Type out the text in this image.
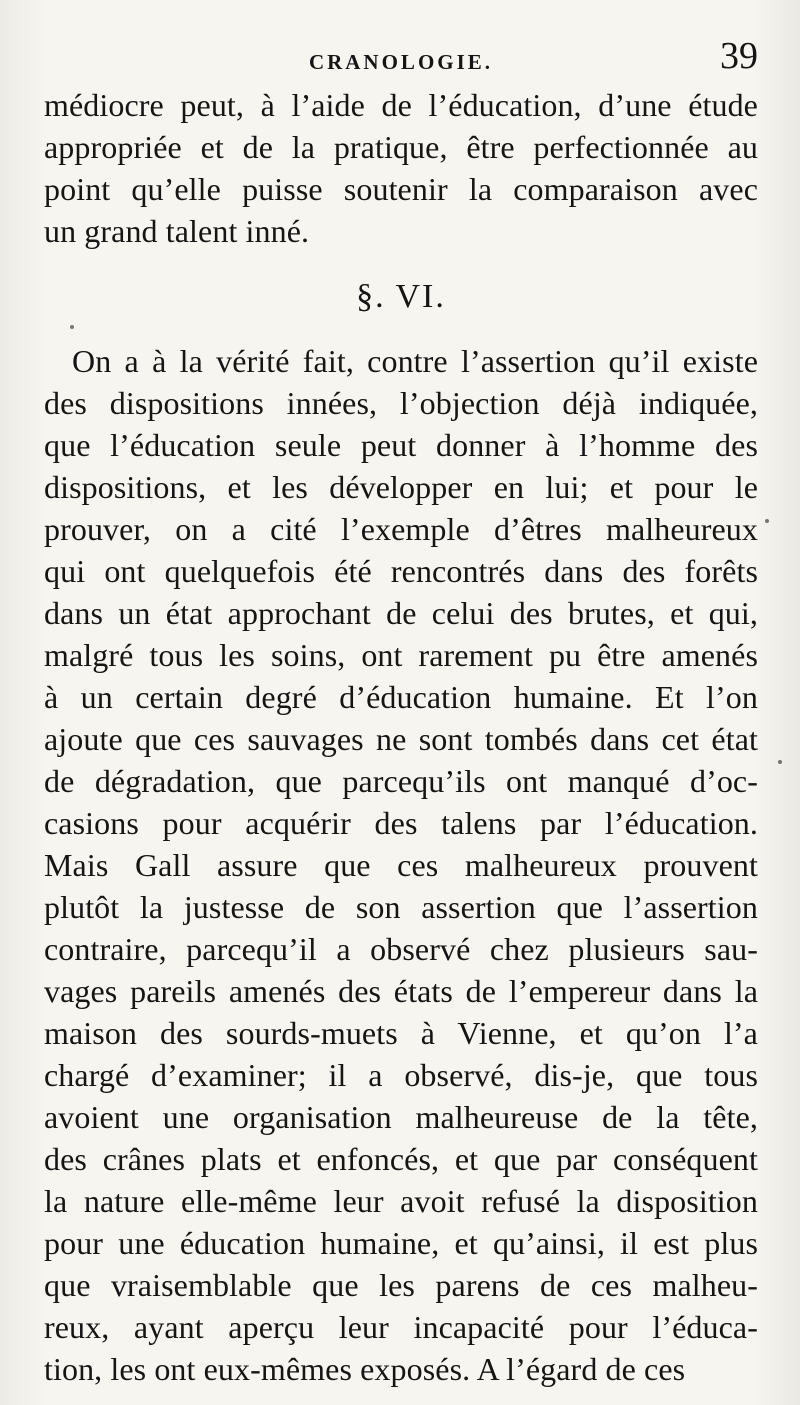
CRANOLOGIE.	39
médiocre peut, à l’aide de l’éducation, d’une étude
appropriée et de la pratique, être perfectionnée au
point qu’elle puisse soutenir la comparaison avec
un grand talent inné.
§. VI.
On a à la vérité fait, contre l’assertion qu’il existe
des dispositions innées, l’objection déjà indiquée,
que l’éducation seule peut donner à l’homme des
dispositions, et les développer en lui; et pour le
prouver, on a cité l’exemple d’êtres malheureux
qui ont quelquefois été rencontrés dans des forêts
dans un état approchant de celui des brutes, et qui,
malgré tous les soins, ont rarement pu être amenés
à un certain degré d’éducation humaine. Et l’on
ajoute que ces sauvages ne sont tombés dans cet état
de dégradation, que parcequ’ils ont manqué d’oc-
casions pour acquérir des talens par l’éducation.
Mais Gall assure que ces malheureux prouvent
plutôt la justesse de son assertion que l’assertion
contraire, parcequ’il a observé chez plusieurs sau-
vages pareils amenés des états de l’empereur dans la
maison des sourds-muets à Vienne, et qu’on l’a
chargé d’examiner; il a observé, dis-je, que tous
avoient une organisation malheureuse de la tête,
des crânes plats et enfoncés, et que par conséquent
la nature elle-même leur avoit refusé la disposition
pour une éducation humaine, et qu’ainsi, il est plus
que vraisemblable que les parens de ces malheu-
reux, ayant aperçu leur incapacité pour l’éduca-
tion, les ont eux-mêmes exposés. A l’égard de ces
